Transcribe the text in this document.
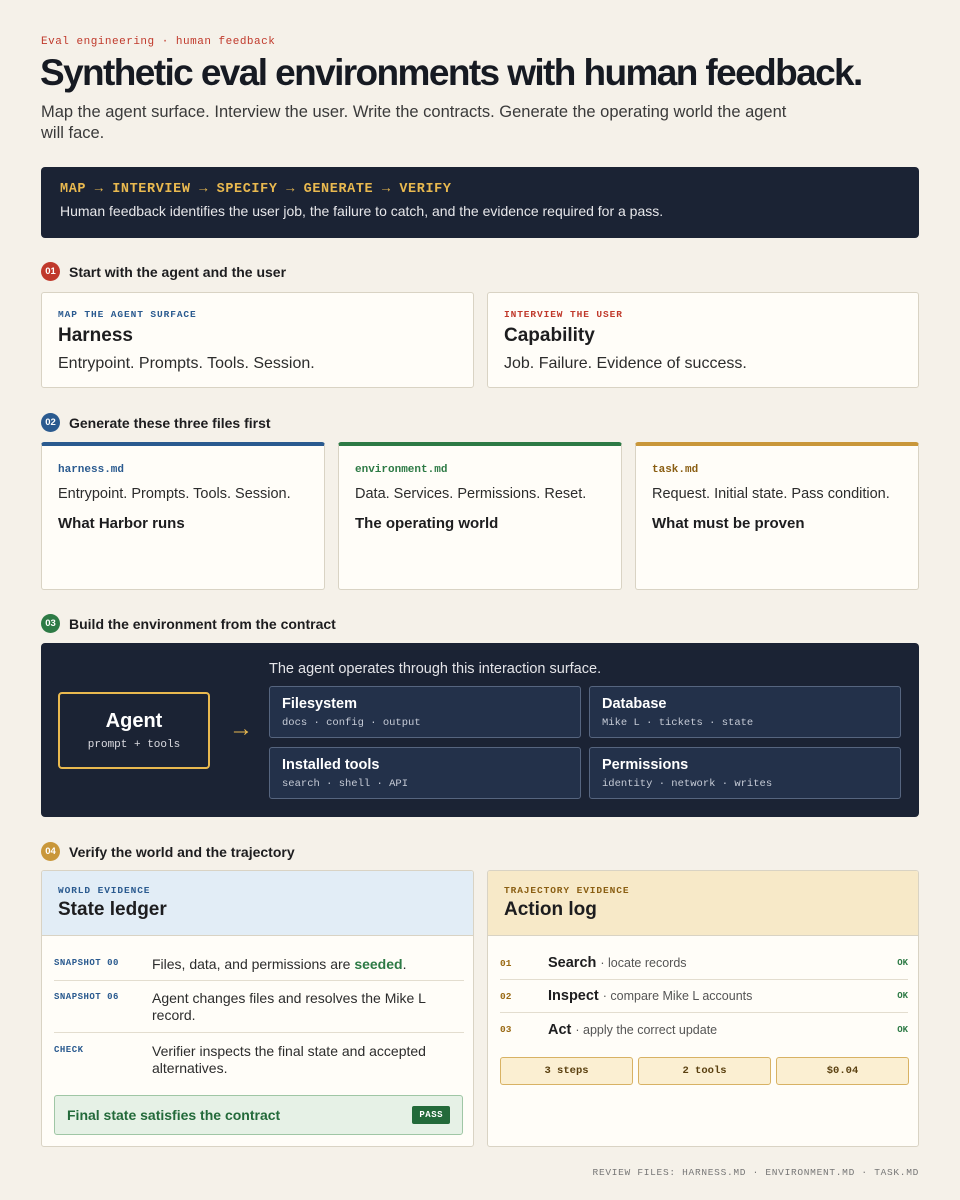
Eval engineering · human feedback
Synthetic eval environments with human feedback.

Map the agent surface. Interview the user. Write the contracts. Generate the operating world the agent will face.

MAP → INTERVIEW → SPECIFY → GENERATE → VERIFY
Human feedback identifies the user job, the failure to catch, and the evidence required for a pass.
01 Start with the agent and the user
MAP THE AGENT SURFACE
Harness
Entrypoint. Prompts. Tools. Session.
INTERVIEW THE USER
Capability
Job. Failure. Evidence of success.
02 Generate these three files first
harness.md
Entrypoint. Prompts. Tools. Session.
What Harbor runs
environment.md
Data. Services. Permissions. Reset.
The operating world
task.md
Request. Initial state. Pass condition.
What must be proven
03 Build the environment from the contract
Agent
prompt + tools
→
The agent operates through this interaction surface.
Filesystem
docs · config · output
Database
Mike L · tickets · state
Installed tools
search · shell · API
Permissions
identity · network · writes
04 Verify the world and the trajectory
WORLD EVIDENCE
State ledger
SNAPSHOT 00 Files, data, and permissions are seeded.
SNAPSHOT 06 Agent changes files and resolves the Mike L record.
CHECK	Verifier inspects the final state and accepted alternatives.
Final state satisfies the contract	PASS
TRAJECTORY EVIDENCE
Action log
01	Search · locate records	OK
02	Inspect · compare Mike L accounts	OK
03	Act · apply the correct update	OK
3 steps	2 tools	$0.04
REVIEW FILES: HARNESS.MD · ENVIRONMENT.MD · TASK.MD
